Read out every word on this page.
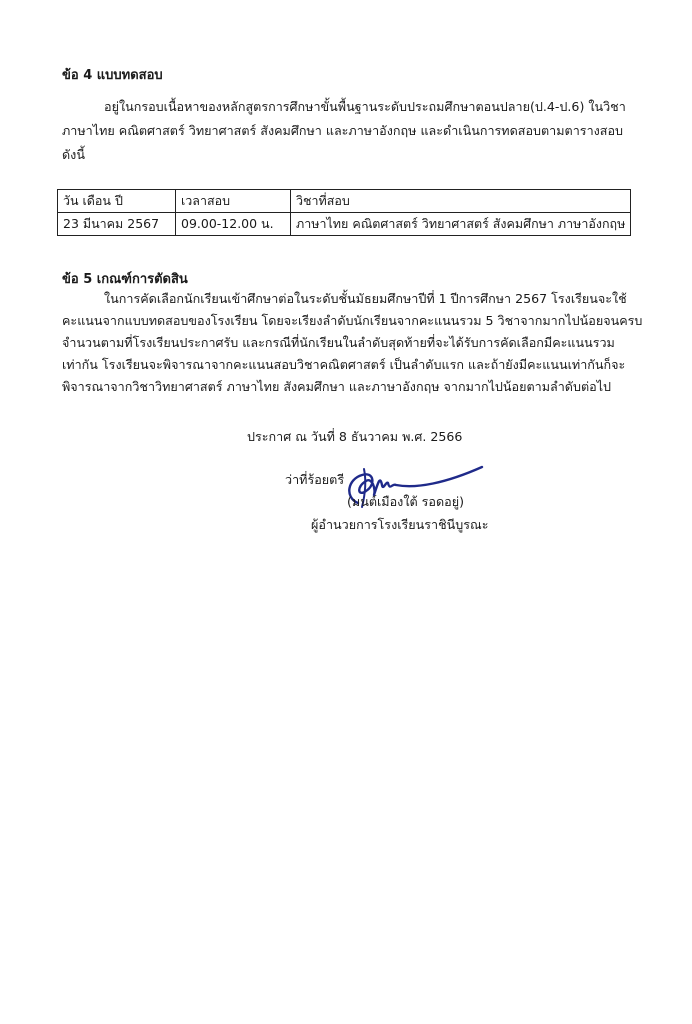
ข้อ 4 แบบทดสอบ
อยู่ในกรอบเนื้อหาของหลักสูตรการศึกษาขั้นพื้นฐานระดับประถมศึกษาตอนปลาย(ป.4-ป.6) ในวิชา
ภาษาไทย คณิตศาสตร์ วิทยาศาสตร์ สังคมศึกษา และภาษาอังกฤษ และดำเนินการทดสอบตามตารางสอบ
ดังนี้
วัน เดือน ปี	เวลาสอบ	วิชาที่สอบ
23 มีนาคม 2567	09.00-12.00 น.	ภาษาไทย คณิตศาสตร์ วิทยาศาสตร์ สังคมศึกษา ภาษาอังกฤษ
ข้อ 5 เกณฑ์การตัดสิน
ในการคัดเลือกนักเรียนเข้าศึกษาต่อในระดับชั้นมัธยมศึกษาปีที่ 1 ปีการศึกษา 2567 โรงเรียนจะใช้
คะแนนจากแบบทดสอบของโรงเรียน โดยจะเรียงลำดับนักเรียนจากคะแนนรวม 5 วิชาจากมากไปน้อยจนครบ
จำนวนตามที่โรงเรียนประกาศรับ และกรณีที่นักเรียนในลำดับสุดท้ายที่จะได้รับการคัดเลือกมีคะแนนรวม
เท่ากัน โรงเรียนจะพิจารณาจากคะแนนสอบวิชาคณิตศาสตร์ เป็นลำดับแรก และถ้ายังมีคะแนนเท่ากันก็จะ
พิจารณาจากวิชาวิทยาศาสตร์ ภาษาไทย สังคมศึกษา และภาษาอังกฤษ จากมากไปน้อยตามลำดับต่อไป
ประกาศ ณ วันที่ 8 ธันวาคม พ.ศ. 2566
ว่าที่ร้อยตรี
(มนต์เมืองใต้ รอดอยู่)
ผู้อำนวยการโรงเรียนราชินีบูรณะ
